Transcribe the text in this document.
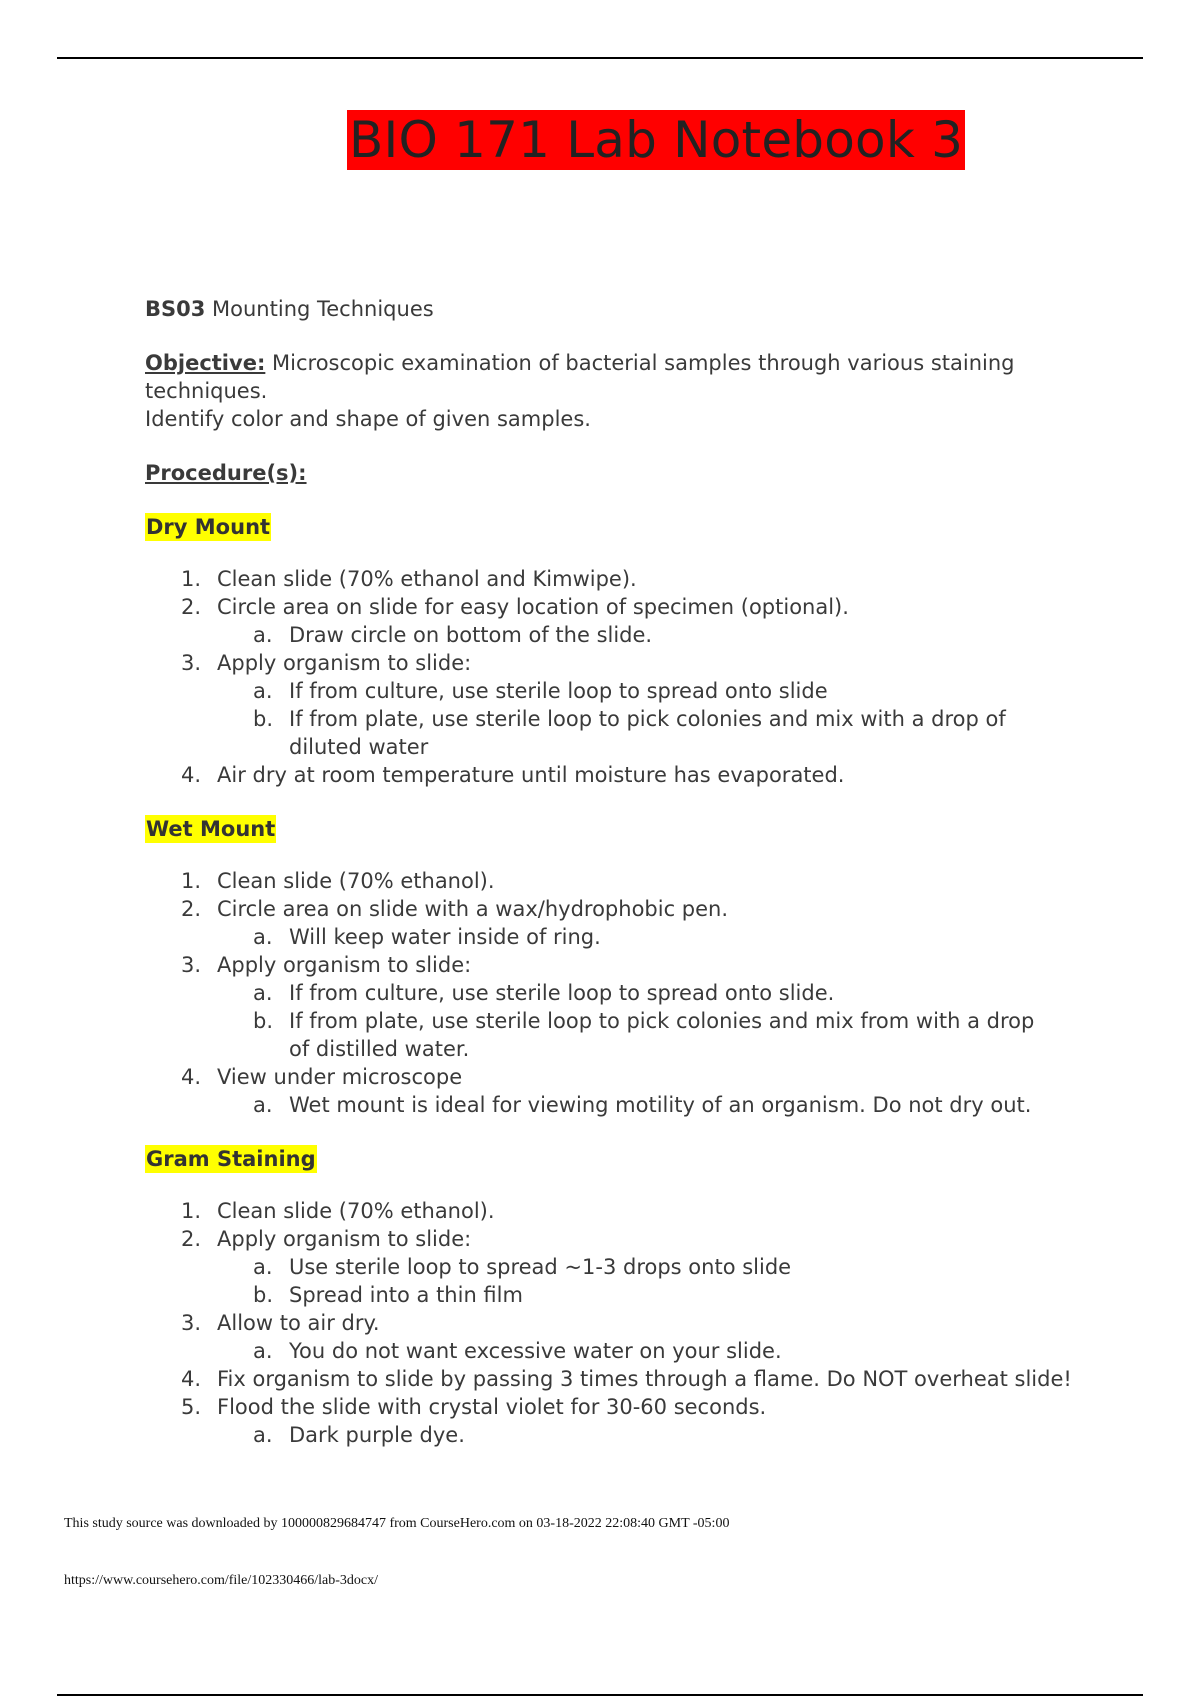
BIO 171 Lab Notebook 3

BS03 Mounting Techniques

Objective: Microscopic examination of bacterial samples through various staining techniques.

Identify color and shape of given samples.

Procedure(s):

Dry Mount
1. Clean slide (70% ethanol and Kimwipe).
2. Circle area on slide for easy location of specimen (optional).
a. Draw circle on bottom of the slide.
3. Apply organism to slide:
a. If from culture, use sterile loop to spread onto slide
b. If from plate, use sterile loop to pick colonies and mix with a drop of
diluted water
4. Air dry at room temperature until moisture has evaporated.
Wet Mount
1. Clean slide (70% ethanol).
2. Circle area on slide with a wax/hydrophobic pen.
a. Will keep water inside of ring.
3. Apply organism to slide:
a. If from culture, use sterile loop to spread onto slide.
b. If from plate, use sterile loop to pick colonies and mix from with a drop
of distilled water.
4. View under microscope
a. Wet mount is ideal for viewing motility of an organism. Do not dry out.
Gram Staining
1. Clean slide (70% ethanol).
2. Apply organism to slide:
a. Use sterile loop to spread ~1-3 drops onto slide
b. Spread into a thin film
3. Allow to air dry.
a. You do not want excessive water on your slide.
4. Fix organism to slide by passing 3 times through a flame. Do NOT overheat slide!
5. Flood the slide with crystal violet for 30-60 seconds.
a. Dark purple dye.
This study source was downloaded by 100000829684747 from CourseHero.com on 03-18-2022 22:08:40 GMT -05:00
https://www.coursehero.com/file/102330466/lab-3docx/
